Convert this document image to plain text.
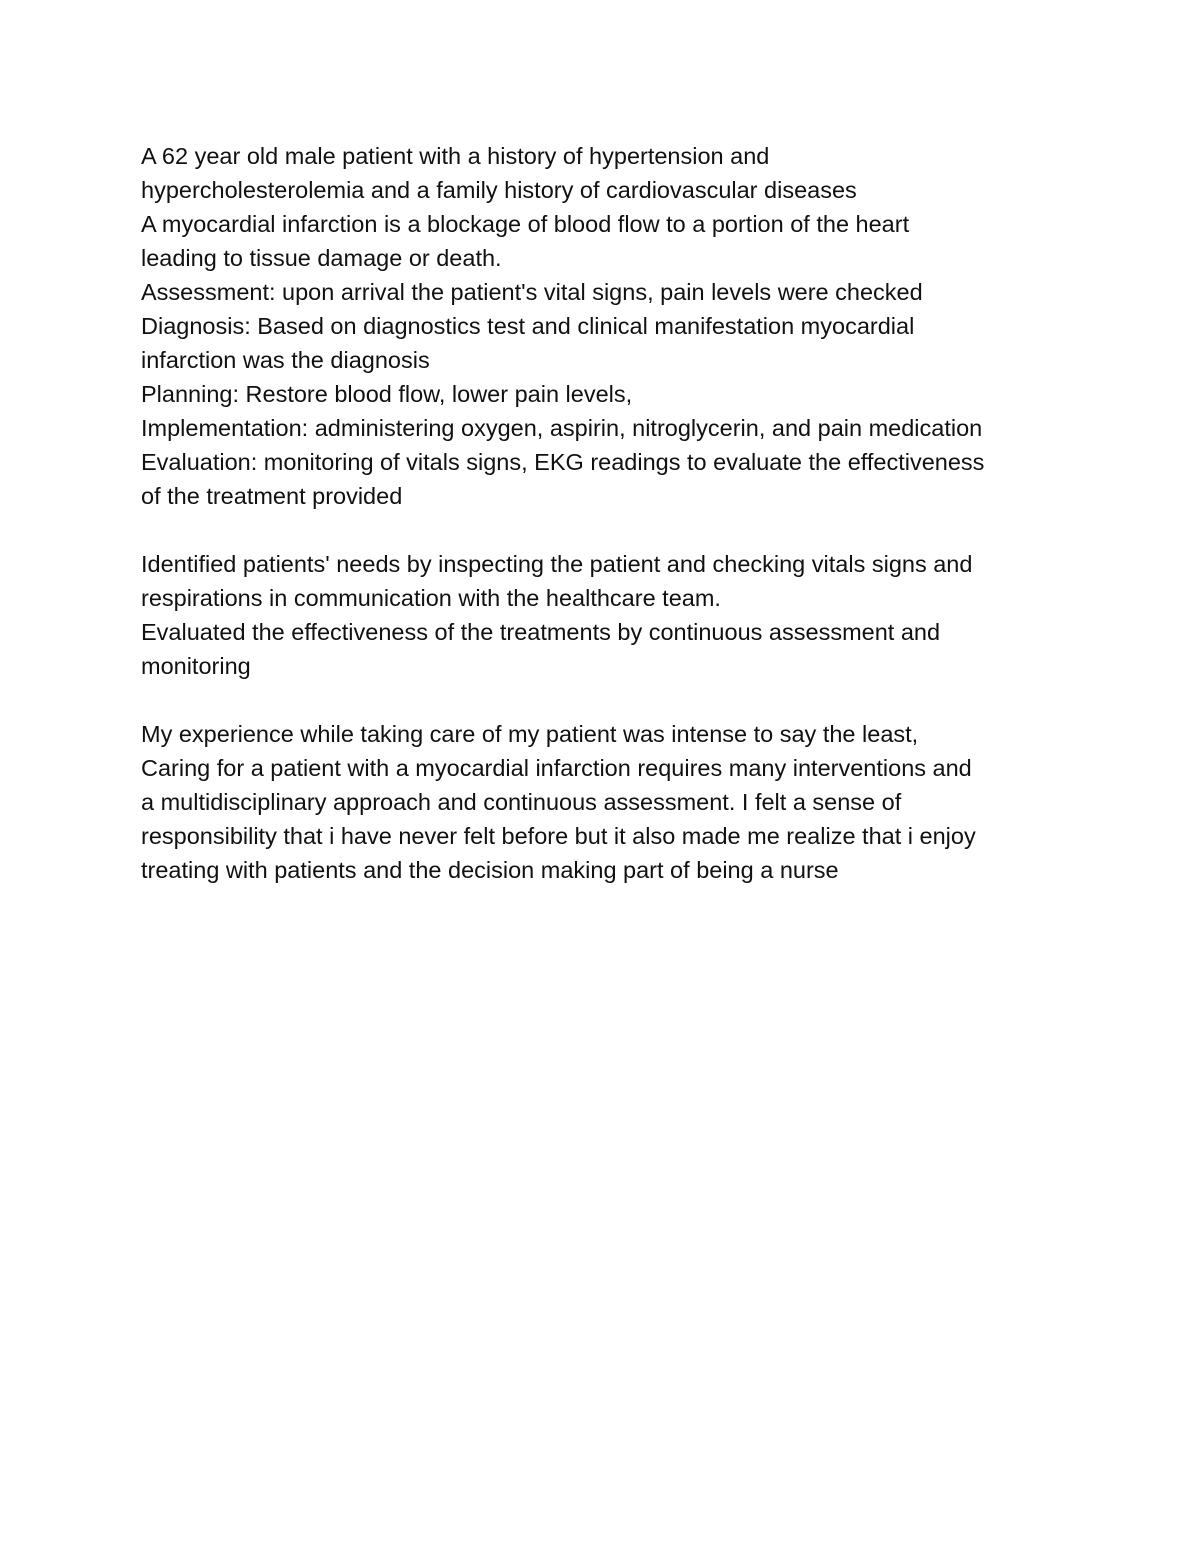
A 62 year old male patient with a history of hypertension and
hypercholesterolemia and a family history of cardiovascular diseases
A myocardial infarction is a blockage of blood flow to a portion of the heart
leading to tissue damage or death.
Assessment: upon arrival the patient's vital signs, pain levels were checked
Diagnosis: Based on diagnostics test and clinical manifestation myocardial
infarction was the diagnosis
Planning: Restore blood flow, lower pain levels,
Implementation: administering oxygen, aspirin, nitroglycerin, and pain medication
Evaluation: monitoring of vitals signs, EKG readings to evaluate the effectiveness
of the treatment provided
Identified patients' needs by inspecting the patient and checking vitals signs and
respirations in communication with the healthcare team.
Evaluated the effectiveness of the treatments by continuous assessment and
monitoring
My experience while taking care of my patient was intense to say the least,
Caring for a patient with a myocardial infarction requires many interventions and
a multidisciplinary approach and continuous assessment. I felt a sense of
responsibility that i have never felt before but it also made me realize that i enjoy
treating with patients and the decision making part of being a nurse
